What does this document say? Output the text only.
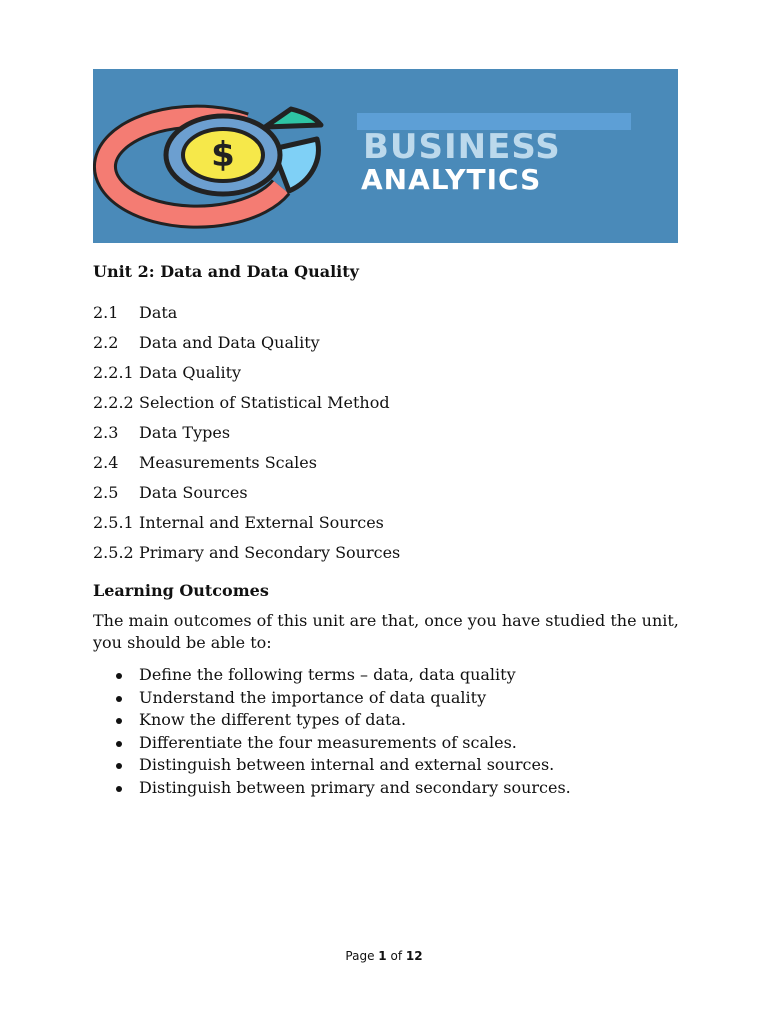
$	BUSINESS
ANALYTICS
Unit 2: Data and Data Quality
2.1	Data
2.2	Data and Data Quality
2.2.1 Data Quality
2.2.2 Selection of Statistical Method
2.3	Data Types
2.4	Measurements Scales
2.5	Data Sources
2.5.1 Internal and External Sources
2.5.2 Primary and Secondary Sources
Learning Outcomes

The main outcomes of this unit are that, once you have studied the unit, you should be able to:

Define the following terms – data, data quality
Understand the importance of data quality
Know the different types of data.
Differentiate the four measurements of scales.
Distinguish between internal and external sources.
Distinguish between primary and secondary sources.
Page 1 of 12
